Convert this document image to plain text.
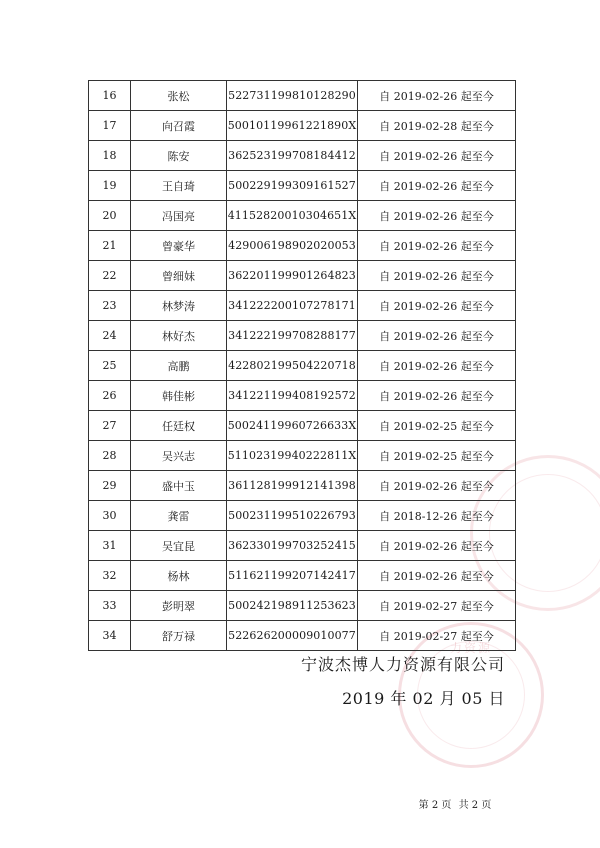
力资源
16	张松	522731199810128290	自 2019-02-26 起至今
17	向召霞	50010119961221890X	自 2019-02-28 起至今
18	陈安	362523199708184412	自 2019-02-26 起至今
19	王自琦	500229199309161527	自 2019-02-26 起至今
20	冯国亮	41152820010304651X	自 2019-02-26 起至今
21	曾豪华	429006198902020053	自 2019-02-26 起至今
22	曾细妹	362201199901264823	自 2019-02-26 起至今
23	林梦涛	341222200107278171	自 2019-02-26 起至今
24	林好杰	341222199708288177	自 2019-02-26 起至今
25	高鹏	422802199504220718	自 2019-02-26 起至今
26	韩佳彬	341221199408192572	自 2019-02-26 起至今
27	任廷权	50024119960726633X	自 2019-02-25 起至今
28	吴兴志	51102319940222811X	自 2019-02-25 起至今
29	盛中玉	361128199912141398	自 2019-02-26 起至今
30	龚雷	500231199510226793	自 2018-12-26 起至今
31	吴宜昆	362330199703252415	自 2019-02-26 起至今
32	杨林	511621199207142417	自 2019-02-26 起至今
33	彭明翠	500242198911253623	自 2019-02-27 起至今
34	舒万禄	522626200009010077	自 2019-02-27 起至今
宁波杰博人力资源有限公司
2019 年 02 月 05 日
第 2 页 共 2 页
